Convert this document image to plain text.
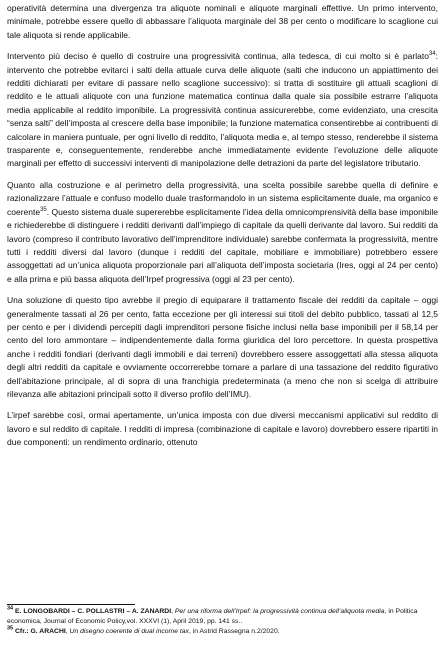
operatività determina una divergenza tra aliquote nominali e aliquote marginali effettive. Un primo intervento, minimale, potrebbe essere quello di abbassare l’aliquota marginale del 38 per cento o modificare lo scaglione cui tale aliquota si rende applicabile.

Intervento più deciso è quello di costruire una progressività continua, alla tedesca, di cui molto si è parlato$^{34}$: intervento che potrebbe evitarci i salti della attuale curva delle aliquote (salti che inducono un appiattimento dei redditi dichiarati per evitare di passare nello scaglione successivo): si tratta di sostituire gli attuali scaglioni di reddito e le attuali aliquote con una funzione matematica continua dalla quale sia possibile estrarre l’aliquota media applicabile al reddito imponibile. La progressività continua assicurerebbe, come evidenziato, una crescita “senza salti” dell’imposta al crescere della base imponibile; la funzione matematica consentirebbe ai contribuenti di calcolare in maniera puntuale, per ogni livello di reddito, l’aliquota media e, al tempo stesso, renderebbe il sistema trasparente e, conseguentemente, renderebbe anche immediatamente evidente l’evoluzione delle aliquote marginali per effetto di successivi interventi di manipolazione delle detrazioni da parte del legislatore tributario.

Quanto alla costruzione e al perimetro della progressività, una scelta possibile sarebbe quella di definire e razionalizzare l’attuale e confuso modello duale trasformandolo in un sistema esplicitamente duale, ma organico e coerente$^{35}$. Questo sistema duale supererebbe esplicitamente l’idea della omnicomprensività della base imponibile e richiederebbe di distinguere i redditi derivanti dall’impiego di capitale da quelli derivante dal lavoro. Sui redditi da lavoro (compreso il contributo lavorativo dell’imprenditore individuale) sarebbe confermata la progressività, mentre tutti i redditi diversi dal lavoro (dunque i redditi del capitale, mobiliare e immobiliare) potrebbero essere assoggettati ad un’unica aliquota proporzionale pari all’aliquota dell’imposta societaria (Ires, oggi al 24 per cento) e alla prima e più bassa aliquota dell’Irpef progressiva (oggi al 23 per cento).

Una soluzione di questo tipo avrebbe il pregio di equiparare il trattamento fiscale dei redditi da capitale – oggi generalmente tassati al 26 per cento, fatta eccezione per gli interessi sui titoli del debito pubblico, tassati al 12,5 per cento e per i dividendi percepiti dagli imprenditori persone fisiche inclusi nella base imponibili per il 58,14 per cento del loro ammontare – indipendentemente dalla forma giuridica del loro percettore. In questa prospettiva anche i redditi fondiari (derivanti dagli immobili e dai terreni) dovrebbero essere assoggettati alla stessa aliquota degli altri redditi da capitale e ovviamente occorrerebbe tornare a parlare di una tassazione del reddito figurativo dell’abitazione principale, al di sopra di una franchigia predeterminata (a meno che non si scelga di attribuire rilevanza alle abitazioni principali sotto il diverso profilo dell’IMU).

L’irpef sarebbe così, ormai apertamente, un’unica imposta con due diversi meccanismi applicativi sul reddito di lavoro e sul reddito di capitale. I redditi di impresa (combinazione di capitale e lavoro) dovrebbero essere ripartiti in due componenti: un rendimento ordinario, ottenuto

$^{34}$ E. LONGOBARDI – C. POLLASTRI – A. ZANARDI, Per una riforma dell’Irpef: la progressività continua dell’aliquota media, in Politica economica, Journal of Economic Policy,vol. XXXVI (1), April 2019, pp. 141 ss..

$^{35}$ Cfr.: G. ARACHI, Un disegno coerente di dual income tax, in Astrid Rassegna n.2/2020.
